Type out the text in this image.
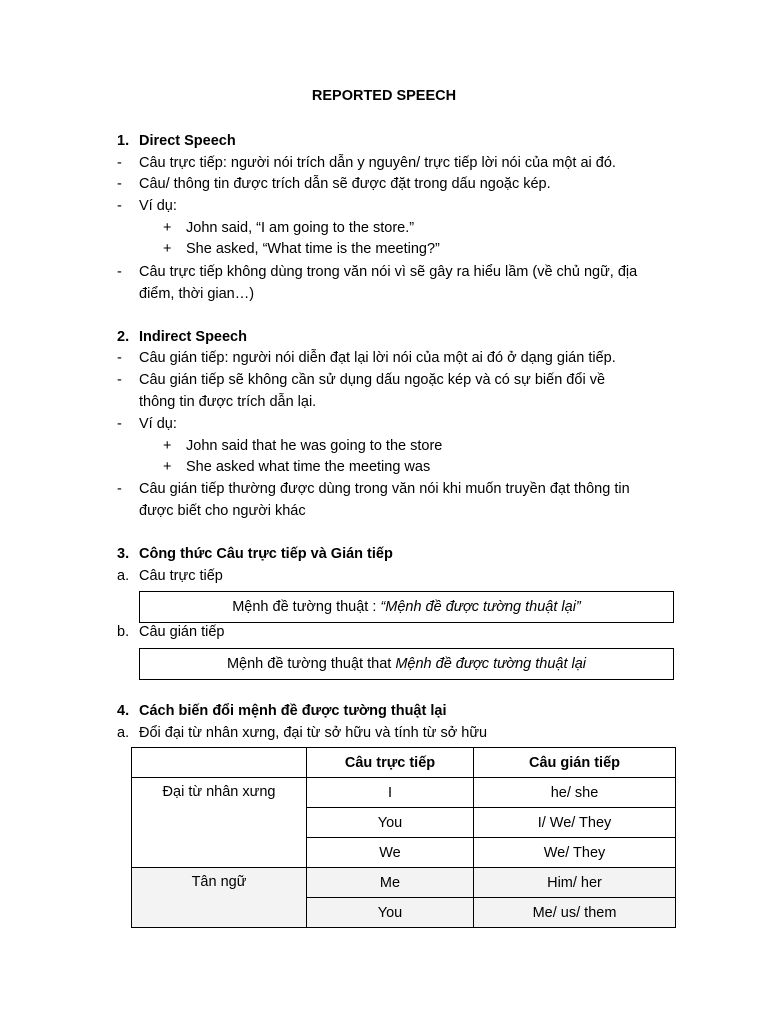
REPORTED SPEECH
1. Direct Speech
- Câu trực tiếp: người nói trích dẫn y nguyên/ trực tiếp lời nói của một ai đó.
- Câu/ thông tin được trích dẫn sẽ được đặt trong dấu ngoặc kép.
- Ví dụ:
+ John said, “I am going to the store.”
+ She asked, “What time is the meeting?”
- Câu trực tiếp không dùng trong văn nói vì sẽ gây ra hiểu lầm (về chủ ngữ, địa
điểm, thời gian…)
2. Indirect Speech
- Câu gián tiếp: người nói diễn đạt lại lời nói của một ai đó ở dạng gián tiếp.
- Câu gián tiếp sẽ không cần sử dụng dấu ngoặc kép và có sự biến đổi về
thông tin được trích dẫn lại.
- Ví dụ:
+ John said that he was going to the store
+ She asked what time the meeting was
- Câu gián tiếp thường được dùng trong văn nói khi muốn truyền đạt thông tin
được biết cho người khác
3. Công thức Câu trực tiếp và Gián tiếp
a. Câu trực tiếp
Mệnh đề tường thuật :
“Mệnh đề được tường thuật lại”
b. Câu gián tiếp
Mệnh đề tường thuật that
Mệnh đề được tường thuật lại
4. Cách biến đổi mệnh đề được tường thuật lại
a. Đổi đại từ nhân xưng, đại từ sở hữu và tính từ sở hữu
	Câu trực tiếp	Câu gián tiếp
Đại từ nhân xưng	I	he/ she
	You	I/ We/ They
	We	We/ They
Tân ngữ	Me	Him/ her
	You	Me/ us/ them
